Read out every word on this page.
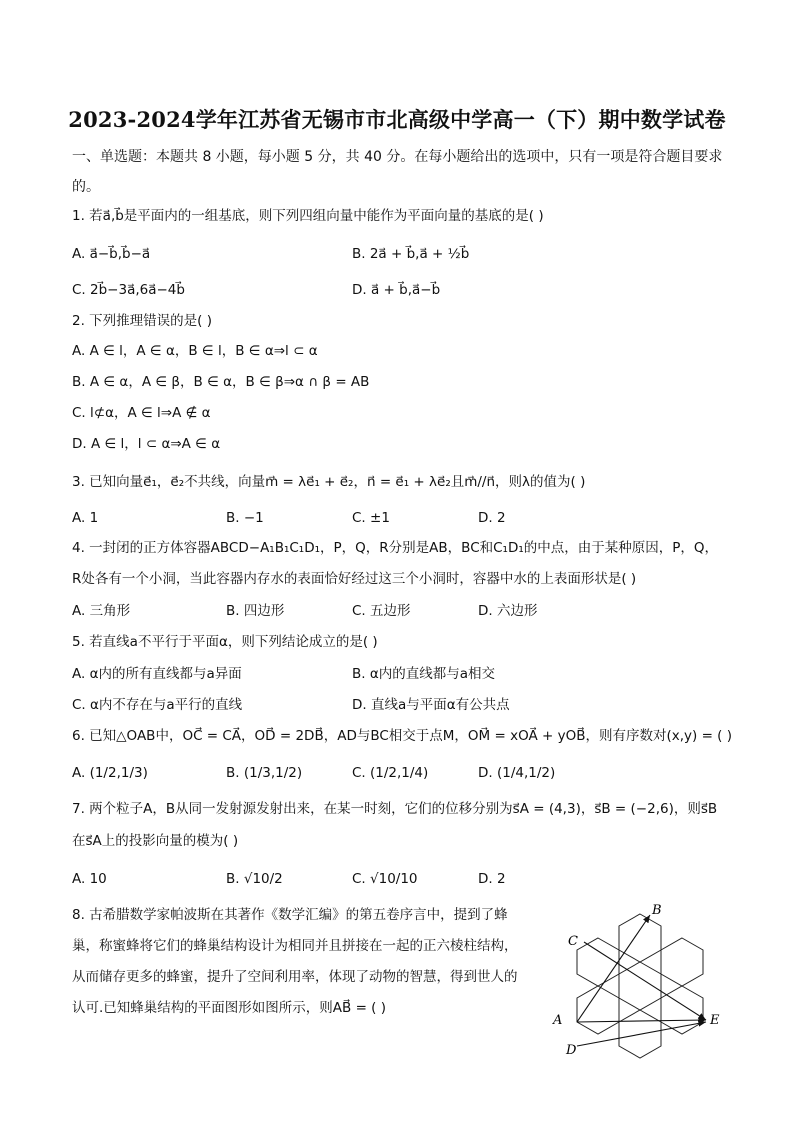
2023-2024学年江苏省无锡市市北高级中学高一（下）期中数学试卷
一、单选题：本题共 8 小题，每小题 5 分，共 40 分。在每小题给出的选项中，只有一项是符合题目要求
的。
1. 若a⃗,b⃗是平面内的一组基底，则下列四组向量中能作为平面向量的基底的是( )
A. a⃗−b⃗,b⃗−a⃗	B. 2a⃗ + b⃗,a⃗ + ½b⃗
C. 2b⃗−3a⃗,6a⃗−4b⃗	D. a⃗ + b⃗,a⃗−b⃗
2. 下列推理错误的是( )
A. A ∈ l，A ∈ α，B ∈ l，B ∈ α⇒l ⊂ α
B. A ∈ α，A ∈ β，B ∈ α，B ∈ β⇒α ∩ β = AB
C. l⊄α，A ∈ l⇒A ∉ α
D. A ∈ l，l ⊂ α⇒A ∈ α
3. 已知向量e⃗₁，e⃗₂不共线，向量m⃗ = λe⃗₁ + e⃗₂，n⃗ = e⃗₁ + λe⃗₂且m⃗//n⃗，则λ的值为( )
A. 1	B. −1	C. ±1	D. 2
4. 一封闭的正方体容器ABCD−A₁B₁C₁D₁，P，Q，R分别是AB，BC和C₁D₁的中点，由于某种原因，P，Q，
R处各有一个小洞，当此容器内存水的表面恰好经过这三个小洞时，容器中水的上表面形状是( )
A. 三角形	B. 四边形	C. 五边形	D. 六边形
5. 若直线a不平行于平面α，则下列结论成立的是( )
A. α内的所有直线都与a异面	B. α内的直线都与a相交
C. α内不存在与a平行的直线	D. 直线a与平面α有公共点
6. 已知△OAB中，OC⃗ = CA⃗，OD⃗ = 2DB⃗，AD与BC相交于点M，OM⃗ = xOA⃗ + yOB⃗，则有序数对(x,y) = ( )
A. (1/2,1/3)	B. (1/3,1/2)	C. (1/2,1/4)	D. (1/4,1/2)
7. 两个粒子A，B从同一发射源发射出来，在某一时刻，它们的位移分别为s⃗A = (4,3)，s⃗B = (−2,6)，则s⃗B
在s⃗A上的投影向量的模为( )
A. 10	B. √10/2	C. √10/10	D. 2
8. 古希腊数学家帕波斯在其著作《数学汇编》的第五卷序言中，提到了蜂
巢，称蜜蜂将它们的蜂巢结构设计为相同并且拼接在一起的正六棱柱结构，
从而储存更多的蜂蜜，提升了空间利用率，体现了动物的智慧，得到世人的
认可.已知蜂巢结构的平面图形如图所示，则AB⃗ = ( )
B
C
A
D
E
